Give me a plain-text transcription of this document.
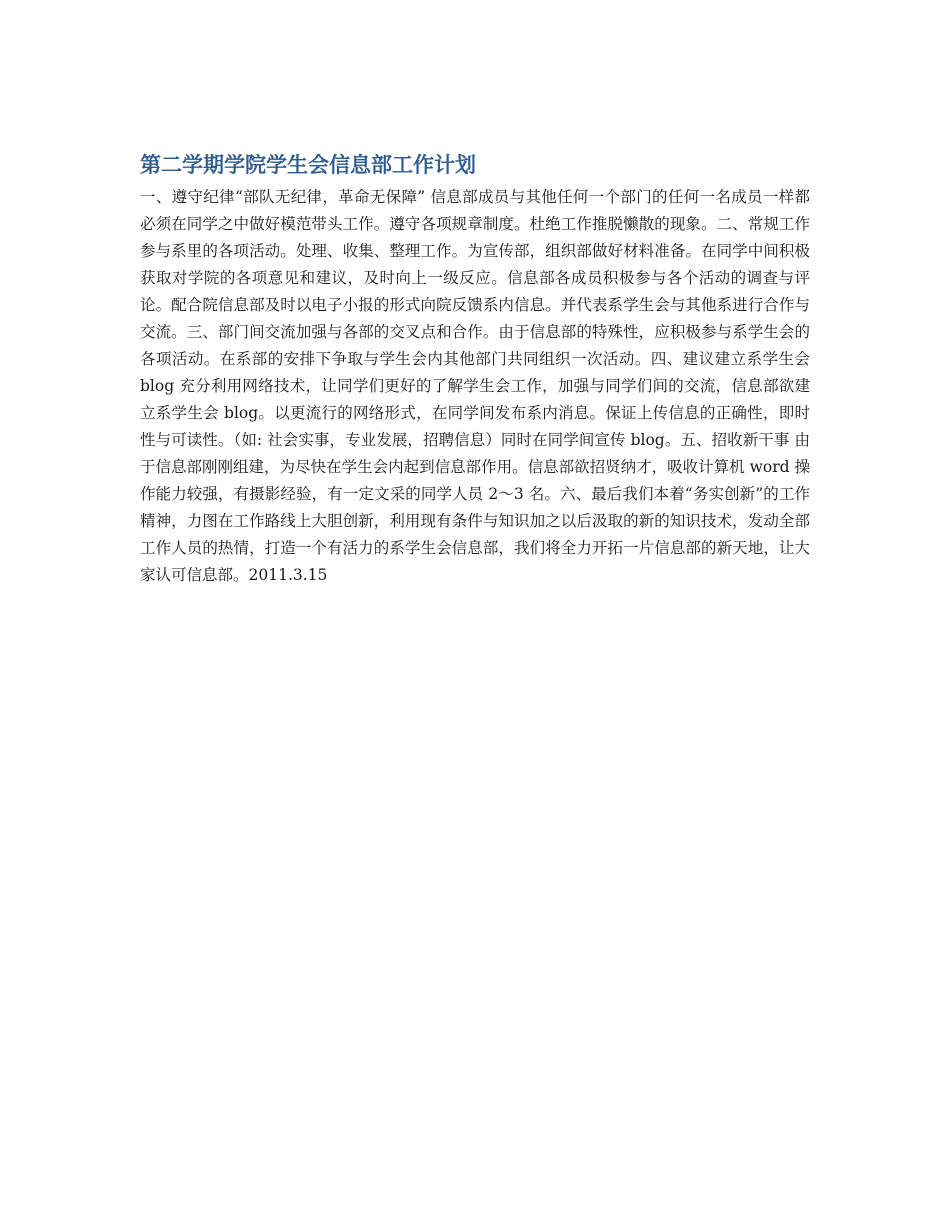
第二学期学院学生会信息部工作计划

一、遵守纪律“部队无纪律，革命无保障” 信息部成员与其他任何一个部门的任何一名成员一样都必须在同学之中做好模范带头工作。遵守各项规章制度。杜绝工作推脱懒散的现象。二、常规工作 参与系里的各项活动。处理、收集、整理工作。为宣传部，组织部做好材料准备。在同学中间积极获取对学院的各项意见和建议，及时向上一级反应。信息部各成员积极参与各个活动的调查与评论。配合院信息部及时以电子小报的形式向院反馈系内信息。并代表系学生会与其他系进行合作与交流。三、部门间交流加强与各部的交叉点和合作。由于信息部的特殊性，应积极参与系学生会的各项活动。在系部的安排下争取与学生会内其他部门共同组织一次活动。四、建议建立系学生会 blog 充分利用网络技术，让同学们更好的了解学生会工作，加强与同学们间的交流，信息部欲建立系学生会 blog。以更流行的网络形式，在同学间发布系内消息。保证上传信息的正确性，即时性与可读性。（如: 社会实事，专业发展，招聘信息）同时在同学间宣传 blog。五、招收新干事 由于信息部刚刚组建，为尽快在学生会内起到信息部作用。信息部欲招贤纳才，吸收计算机 word 操作能力较强，有摄影经验，有一定文采的同学人员 2～3 名。六、最后我们本着“务实创新”的工作精神，力图在工作路线上大胆创新，利用现有条件与知识加之以后汲取的新的知识技术，发动全部工作人员的热情，打造一个有活力的系学生会信息部，我们将全力开拓一片信息部的新天地，让大家认可信息部。2011.3.15
